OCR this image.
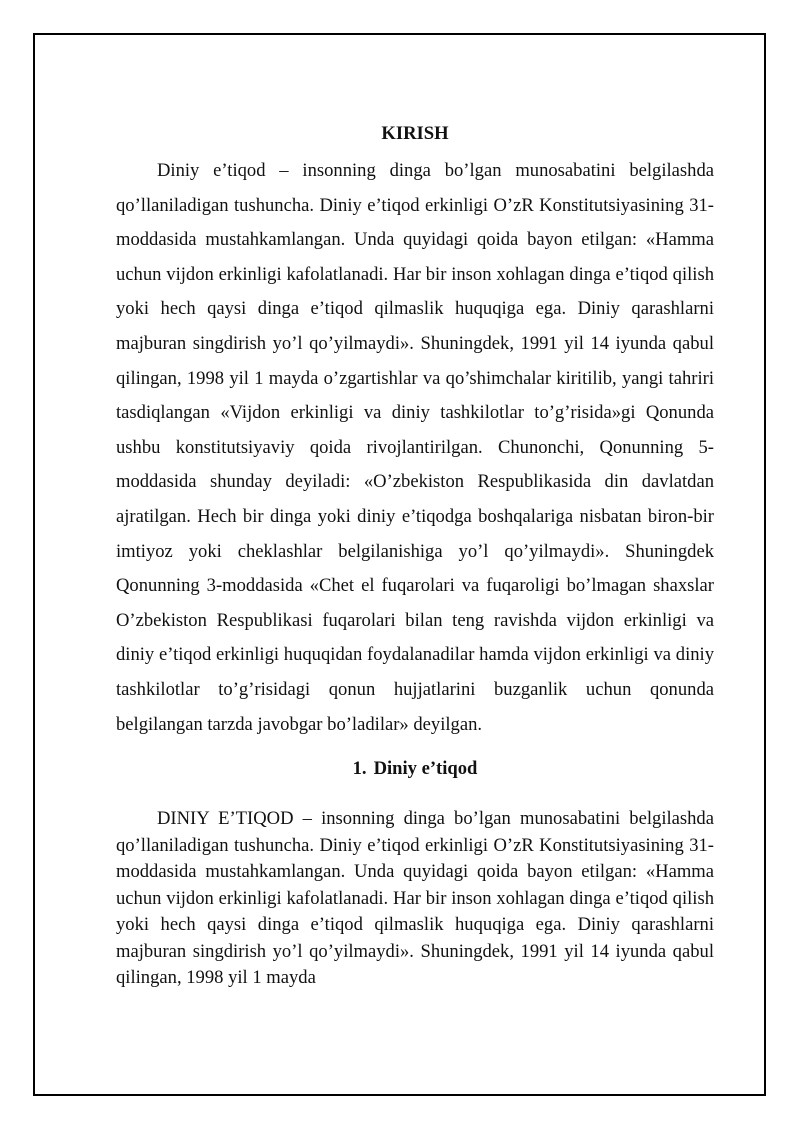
KIRISH

Diniy e’tiqod – insonning dinga bo’lgan munosabatini belgilashda qo’llaniladigan tushuncha. Diniy e’tiqod erkinligi O’zR Konstitutsiyasining 31-moddasida mustahkamlangan. Unda quyidagi qoida bayon etilgan: «Hamma uchun vijdon erkinligi kafolatlanadi. Har bir inson xohlagan dinga e’tiqod qilish yoki hech qaysi dinga e’tiqod qilmaslik huquqiga ega. Diniy qarashlarni majburan singdirish yo’l qo’yilmaydi». Shuningdek, 1991 yil 14 iyunda qabul qilingan, 1998 yil 1 mayda o’zgartishlar va qo’shimchalar kiritilib, yangi tahriri tasdiqlangan «Vijdon erkinligi va diniy tashkilotlar to’g’risida»gi Qonunda ushbu konstitutsiyaviy qoida rivojlantirilgan. Chunonchi, Qonunning 5-moddasida shunday deyiladi: «O’zbekiston Respublikasida din davlatdan ajratilgan. Hech bir dinga yoki diniy e’tiqodga boshqalariga nisbatan biron-bir imtiyoz yoki cheklashlar belgilanishiga yo’l qo’yilmaydi». Shuningdek Qonunning 3-moddasida «Chet el fuqarolari va fuqaroligi bo’lmagan shaxslar O’zbekiston Respublikasi fuqarolari bilan teng ravishda vijdon erkinligi va diniy e’tiqod erkinligi huquqidan foydalanadilar hamda vijdon erkinligi va diniy tashkilotlar to’g’risidagi qonun hujjatlarini buzganlik uchun qonunda belgilangan tarzda javobgar bo’ladilar» deyilgan.

1. Diniy e’tiqod

DINIY E’TIQOD – insonning dinga bo’lgan munosabatini belgilashda qo’llaniladigan tushuncha. Diniy e’tiqod erkinligi O’zR Konstitutsiyasining 31-moddasida mustahkamlangan. Unda quyidagi qoida bayon etilgan: «Hamma uchun vijdon erkinligi kafolatlanadi. Har bir inson xohlagan dinga e’tiqod qilish yoki hech qaysi dinga e’tiqod qilmaslik huquqiga ega. Diniy qarashlarni majburan singdirish yo’l qo’yilmaydi». Shuningdek, 1991 yil 14 iyunda qabul qilingan, 1998 yil 1 mayda
